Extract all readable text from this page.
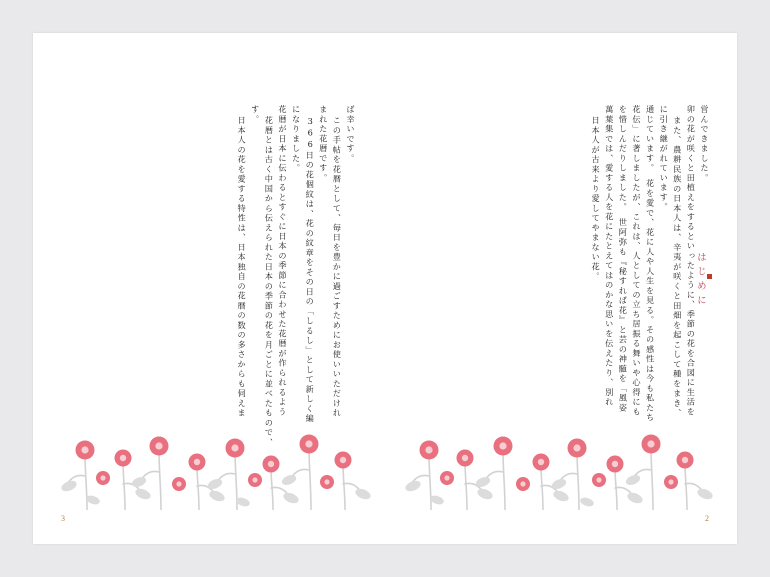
日本人の花を愛する特性は、日本独自の花暦の数の多さからも伺えま
す。
花暦とは古く中国から伝えられた日本の季節の花を月ごとに並べたもので、 花暦が日本に伝わるとすぐに日本の季節に合わせた花暦が作られるよう になりました。 366日の花個紋は、花の紋章をその日の「しるし」として新しく編 まれた花暦です。 この手帖を花暦として、毎日を豊かに過ごすためにお使いいただけれ ば幸いです。
3
日本人が古来より愛してやまない花。 萬葉集では、愛する人を花にたとえてはのかな思いを伝えたり、別れ を惜しんだりしました。　世阿弥も『秘すれば花』と芸の神髄を「風姿 花伝」に著しましたが、これは、人としての立ち居振る舞いや心得にも 通じています。　花を愛で、花に人や人生を見る。その感性は今も私たち に引き継がれています。 また、農耕民族の日本人は、辛夷が咲くと田畑を起こして種をまき、 卯の花が咲くと田植えをするといったように、季節の花を合図に生活を 営んできました。
はじめに
2
